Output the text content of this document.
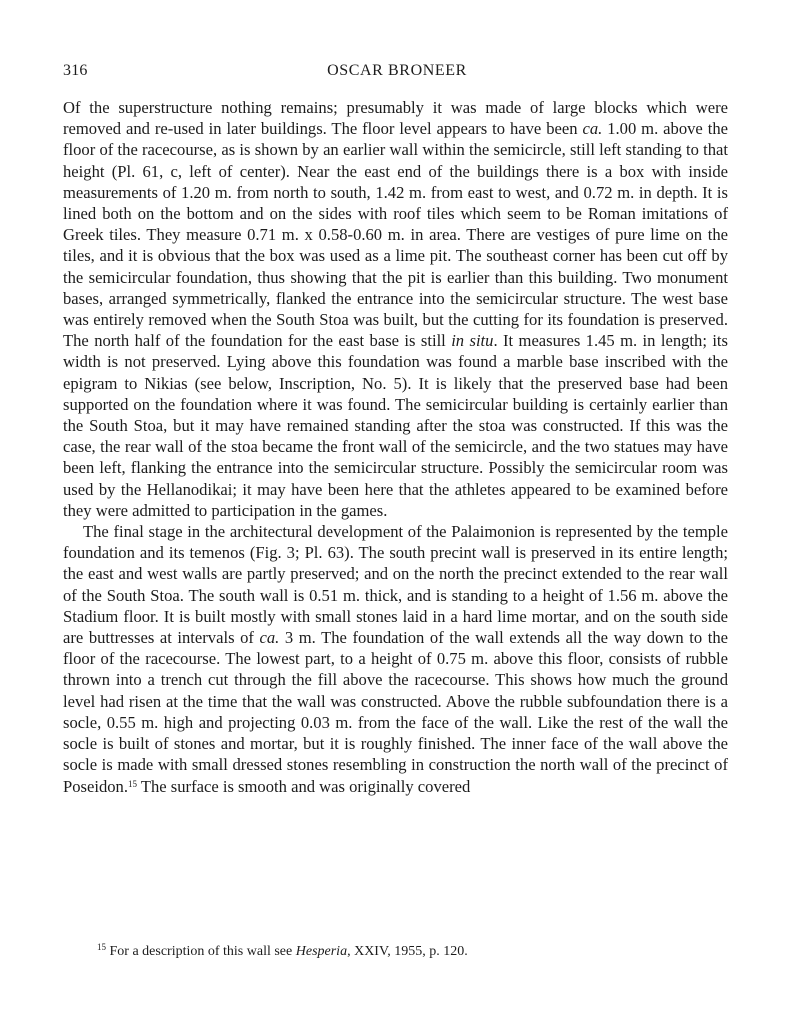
316	OSCAR BRONEER

Of the superstructure nothing remains; presumably it was made of large blocks which were removed and re-used in later buildings. The floor level appears to have been ca. 1.00 m. above the floor of the racecourse, as is shown by an earlier wall within the semicircle, still left standing to that height (Pl. 61, c, left of center). Near the east end of the buildings there is a box with inside measurements of 1.20 m. from north to south, 1.42 m. from east to west, and 0.72 m. in depth. It is lined both on the bottom and on the sides with roof tiles which seem to be Roman imitations of Greek tiles. They measure 0.71 m. x 0.58-0.60 m. in area. There are vestiges of pure lime on the tiles, and it is obvious that the box was used as a lime pit. The southeast corner has been cut off by the semicircular foundation, thus showing that the pit is earlier than this building. Two monument bases, arranged symmetrically, flanked the entrance into the semicircular structure. The west base was entirely removed when the South Stoa was built, but the cutting for its foundation is preserved. The north half of the foundation for the east base is still in situ. It measures 1.45 m. in length; its width is not preserved. Lying above this foundation was found a marble base inscribed with the epigram to Nikias (see below, Inscription, No. 5). It is likely that the preserved base had been supported on the foundation where it was found. The semicircular building is certainly earlier than the South Stoa, but it may have remained standing after the stoa was constructed. If this was the case, the rear wall of the stoa became the front wall of the semicircle, and the two statues may have been left, flanking the entrance into the semicircular structure. Possibly the semicircular room was used by the Hellanodikai; it may have been here that the athletes appeared to be examined before they were admitted to participation in the games.

The final stage in the architectural development of the Palaimonion is represented by the temple foundation and its temenos (Fig. 3; Pl. 63). The south precint wall is preserved in its entire length; the east and west walls are partly preserved; and on the north the precinct extended to the rear wall of the South Stoa. The south wall is 0.51 m. thick, and is standing to a height of 1.56 m. above the Stadium floor. It is built mostly with small stones laid in a hard lime mortar, and on the south side are buttresses at intervals of ca. 3 m. The foundation of the wall extends all the way down to the floor of the racecourse. The lowest part, to a height of 0.75 m. above this floor, consists of rubble thrown into a trench cut through the fill above the racecourse. This shows how much the ground level had risen at the time that the wall was constructed. Above the rubble subfoundation there is a socle, 0.55 m. high and projecting 0.03 m. from the face of the wall. Like the rest of the wall the socle is built of stones and mortar, but it is roughly finished. The inner face of the wall above the socle is made with small dressed stones resembling in construction the north wall of the precinct of Poseidon.$^{15}$ The surface is smooth and was originally covered

$^{15}$ For a description of this wall see Hesperia, XXIV, 1955, p. 120.
